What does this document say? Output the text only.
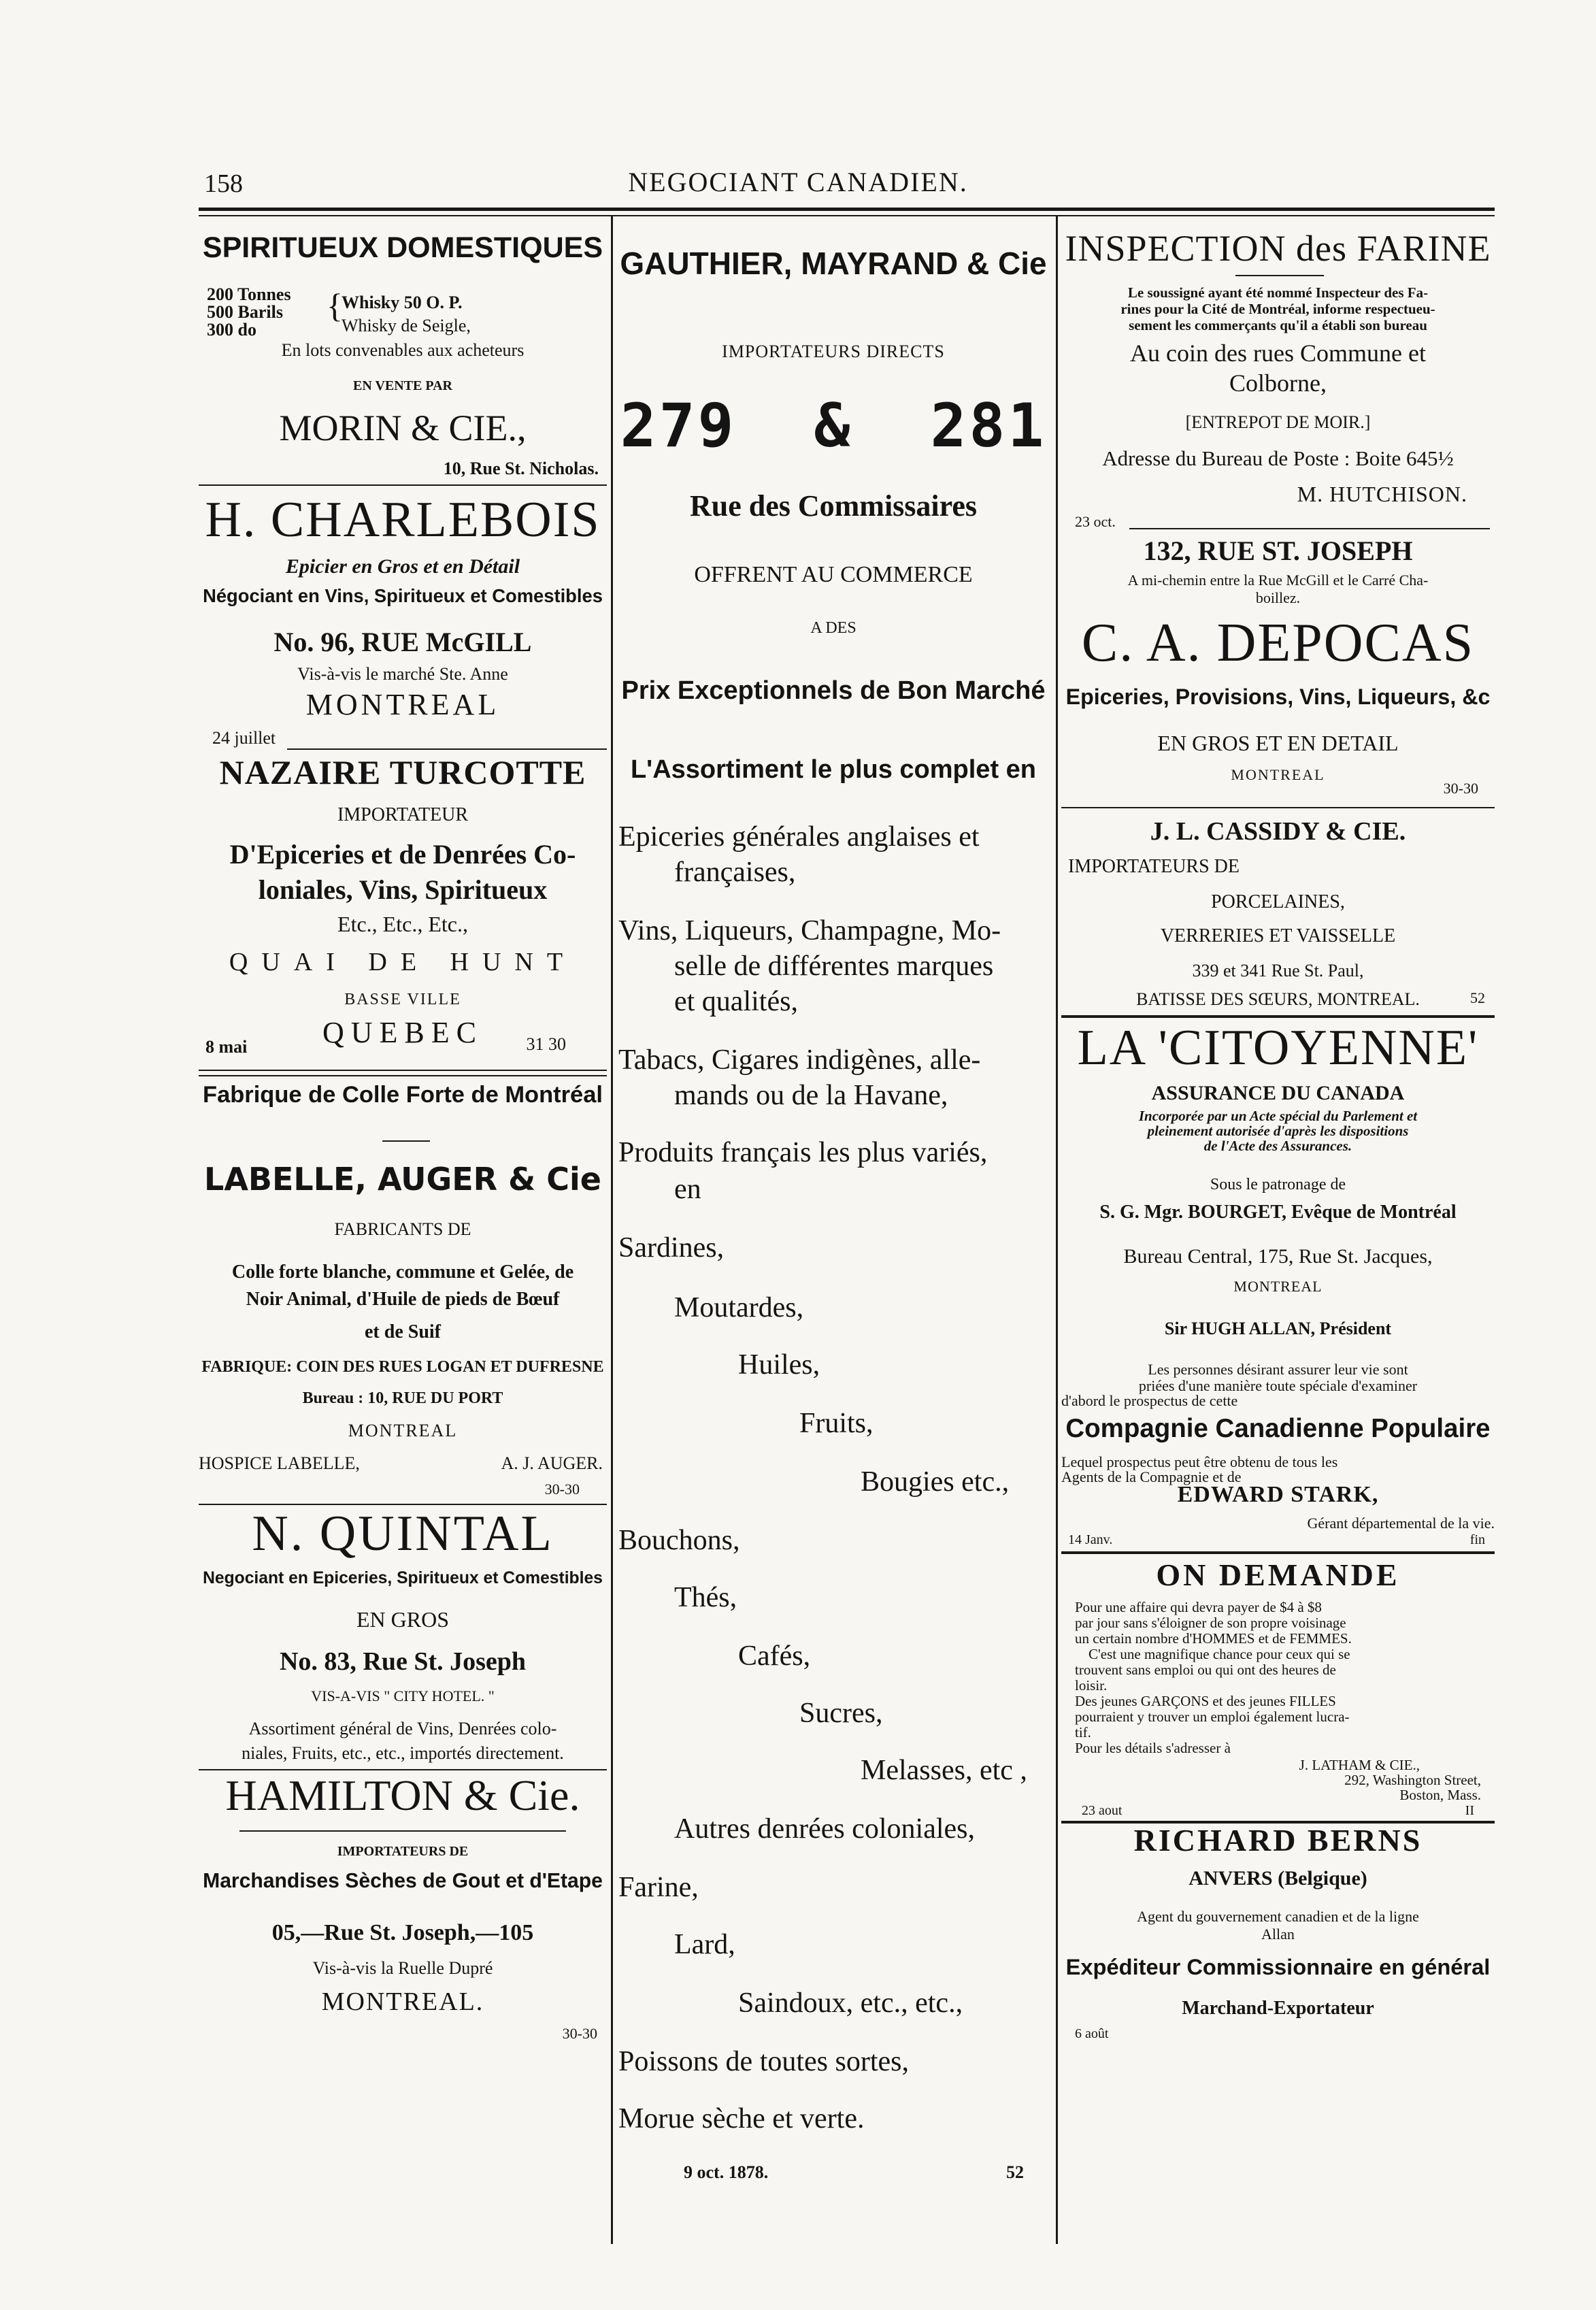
158	NEGOCIANT CANADIEN.
SPIRITUEUX DOMESTIQUES
200 Tonnes
500 Barils
300 do
{
Whisky 50 O. P.
Whisky de Seigle,
En lots convenables aux acheteurs
EN VENTE PAR
MORIN & CIE.,
10, Rue St. Nicholas.
H. CHARLEBOIS
Epicier en Gros et en Détail
Négociant en Vins, Spiritueux et Comestibles
No. 96, RUE McGILL
Vis-à-vis le marché Ste. Anne
MONTREAL
24 juillet
NAZAIRE TURCOTTE
IMPORTATEUR
D'Epiceries et de Denrées Co-
loniales, Vins, Spiritueux
Etc., Etc., Etc.,
QUAI DE HUNT
BASSE VILLE
8 mai	QUEBEC	31 30
Fabrique de Colle Forte de Montréal
LABELLE, AUGER & Cie
FABRICANTS DE
Colle forte blanche, commune et Gelée, de
Noir Animal, d'Huile de pieds de Bœuf
et de Suif
FABRIQUE: COIN DES RUES LOGAN ET DUFRESNE
Bureau : 10, RUE DU PORT
MONTREAL
HOSPICE LABELLE,	A. J. AUGER.
30-30
N. QUINTAL
Negociant en Epiceries, Spiritueux et Comestibles
EN GROS
No. 83, Rue St. Joseph
VIS-A-VIS " CITY HOTEL. "
Assortiment général de Vins, Denrées colo-
niales, Fruits, etc., etc., importés directement.
HAMILTON & Cie.
IMPORTATEURS DE
Marchandises Sèches de Gout et d'Etape
05,—Rue St. Joseph,—105
Vis-à-vis la Ruelle Dupré
MONTREAL.
30-30
GAUTHIER, MAYRAND & Cie
IMPORTATEURS DIRECTS
279  &  281
Rue des Commissaires
OFFRENT AU COMMERCE
A DES
Prix Exceptionnels de Bon Marché
L'Assortiment le plus complet en
Epiceries générales anglaises et
françaises,
Vins, Liqueurs, Champagne, Mo-
selle de différentes marques
et qualités,
Tabacs, Cigares indigènes, alle-
mands ou de la Havane,
Produits français les plus variés,
en
Sardines,
Moutardes,
Huiles,
Fruits,
Bougies etc.,
Bouchons,
Thés,
Cafés,
Sucres,
Melasses, etc ,
Autres denrées coloniales,
Farine,
Lard,
Saindoux, etc., etc.,
Poissons de toutes sortes,
Morue sèche et verte.
9 oct. 1878.	52
INSPECTION des FARINE
Le soussigné ayant été nommé Inspecteur des Fa-
rines pour la Cité de Montréal, informe respectueu-
sement les commerçants qu'il a établi son bureau
Au coin des rues Commune et
Colborne,
[ENTREPOT DE MOIR.]
Adresse du Bureau de Poste : Boite 645½
M. HUTCHISON.
23 oct.
132, RUE ST. JOSEPH
A mi-chemin entre la Rue McGill et le Carré Cha-
boillez.
C. A. DEPOCAS
Epiceries, Provisions, Vins, Liqueurs, &c
EN GROS ET EN DETAIL
MONTREAL
30-30
J. L. CASSIDY & CIE.
IMPORTATEURS DE
PORCELAINES,
VERRERIES ET VAISSELLE
339 et 341 Rue St. Paul,
BATISSE DES SŒURS, MONTREAL.	52
LA 'CITOYENNE'
ASSURANCE DU CANADA
Incorporée par un Acte spécial du Parlement et
pleinement autorisée d'après les dispositions
de l'Acte des Assurances.
Sous le patronage de
S. G. Mgr. BOURGET, Evêque de Montréal
Bureau Central, 175, Rue St. Jacques,
MONTREAL
Sir HUGH ALLAN, Président
Les personnes désirant assurer leur vie sont
priées d'une manière toute spéciale d'examiner
d'abord le prospectus de cette
Compagnie Canadienne Populaire
Lequel prospectus peut être obtenu de tous les
Agents de la Compagnie et de
EDWARD STARK,
Gérant départemental de la vie.
14 Janv.	fin
ON DEMANDE
Pour une affaire qui devra payer de $4 à $8
par jour sans s'éloigner de son propre voisinage
un certain nombre d'HOMMES et de FEMMES.
C'est une magnifique chance pour ceux qui se
trouvent sans emploi ou qui ont des heures de
loisir.
Des jeunes GARÇONS et des jeunes FILLES
pourraient y trouver un emploi également lucra-
tif.
Pour les détails s'adresser à
J. LATHAM & CIE.,
292, Washington Street,
Boston, Mass.
23 aout	II
RICHARD BERNS
ANVERS (Belgique)
Agent du gouvernement canadien et de la ligne
Allan
Expéditeur Commissionnaire en général
Marchand-Exportateur
6 août
